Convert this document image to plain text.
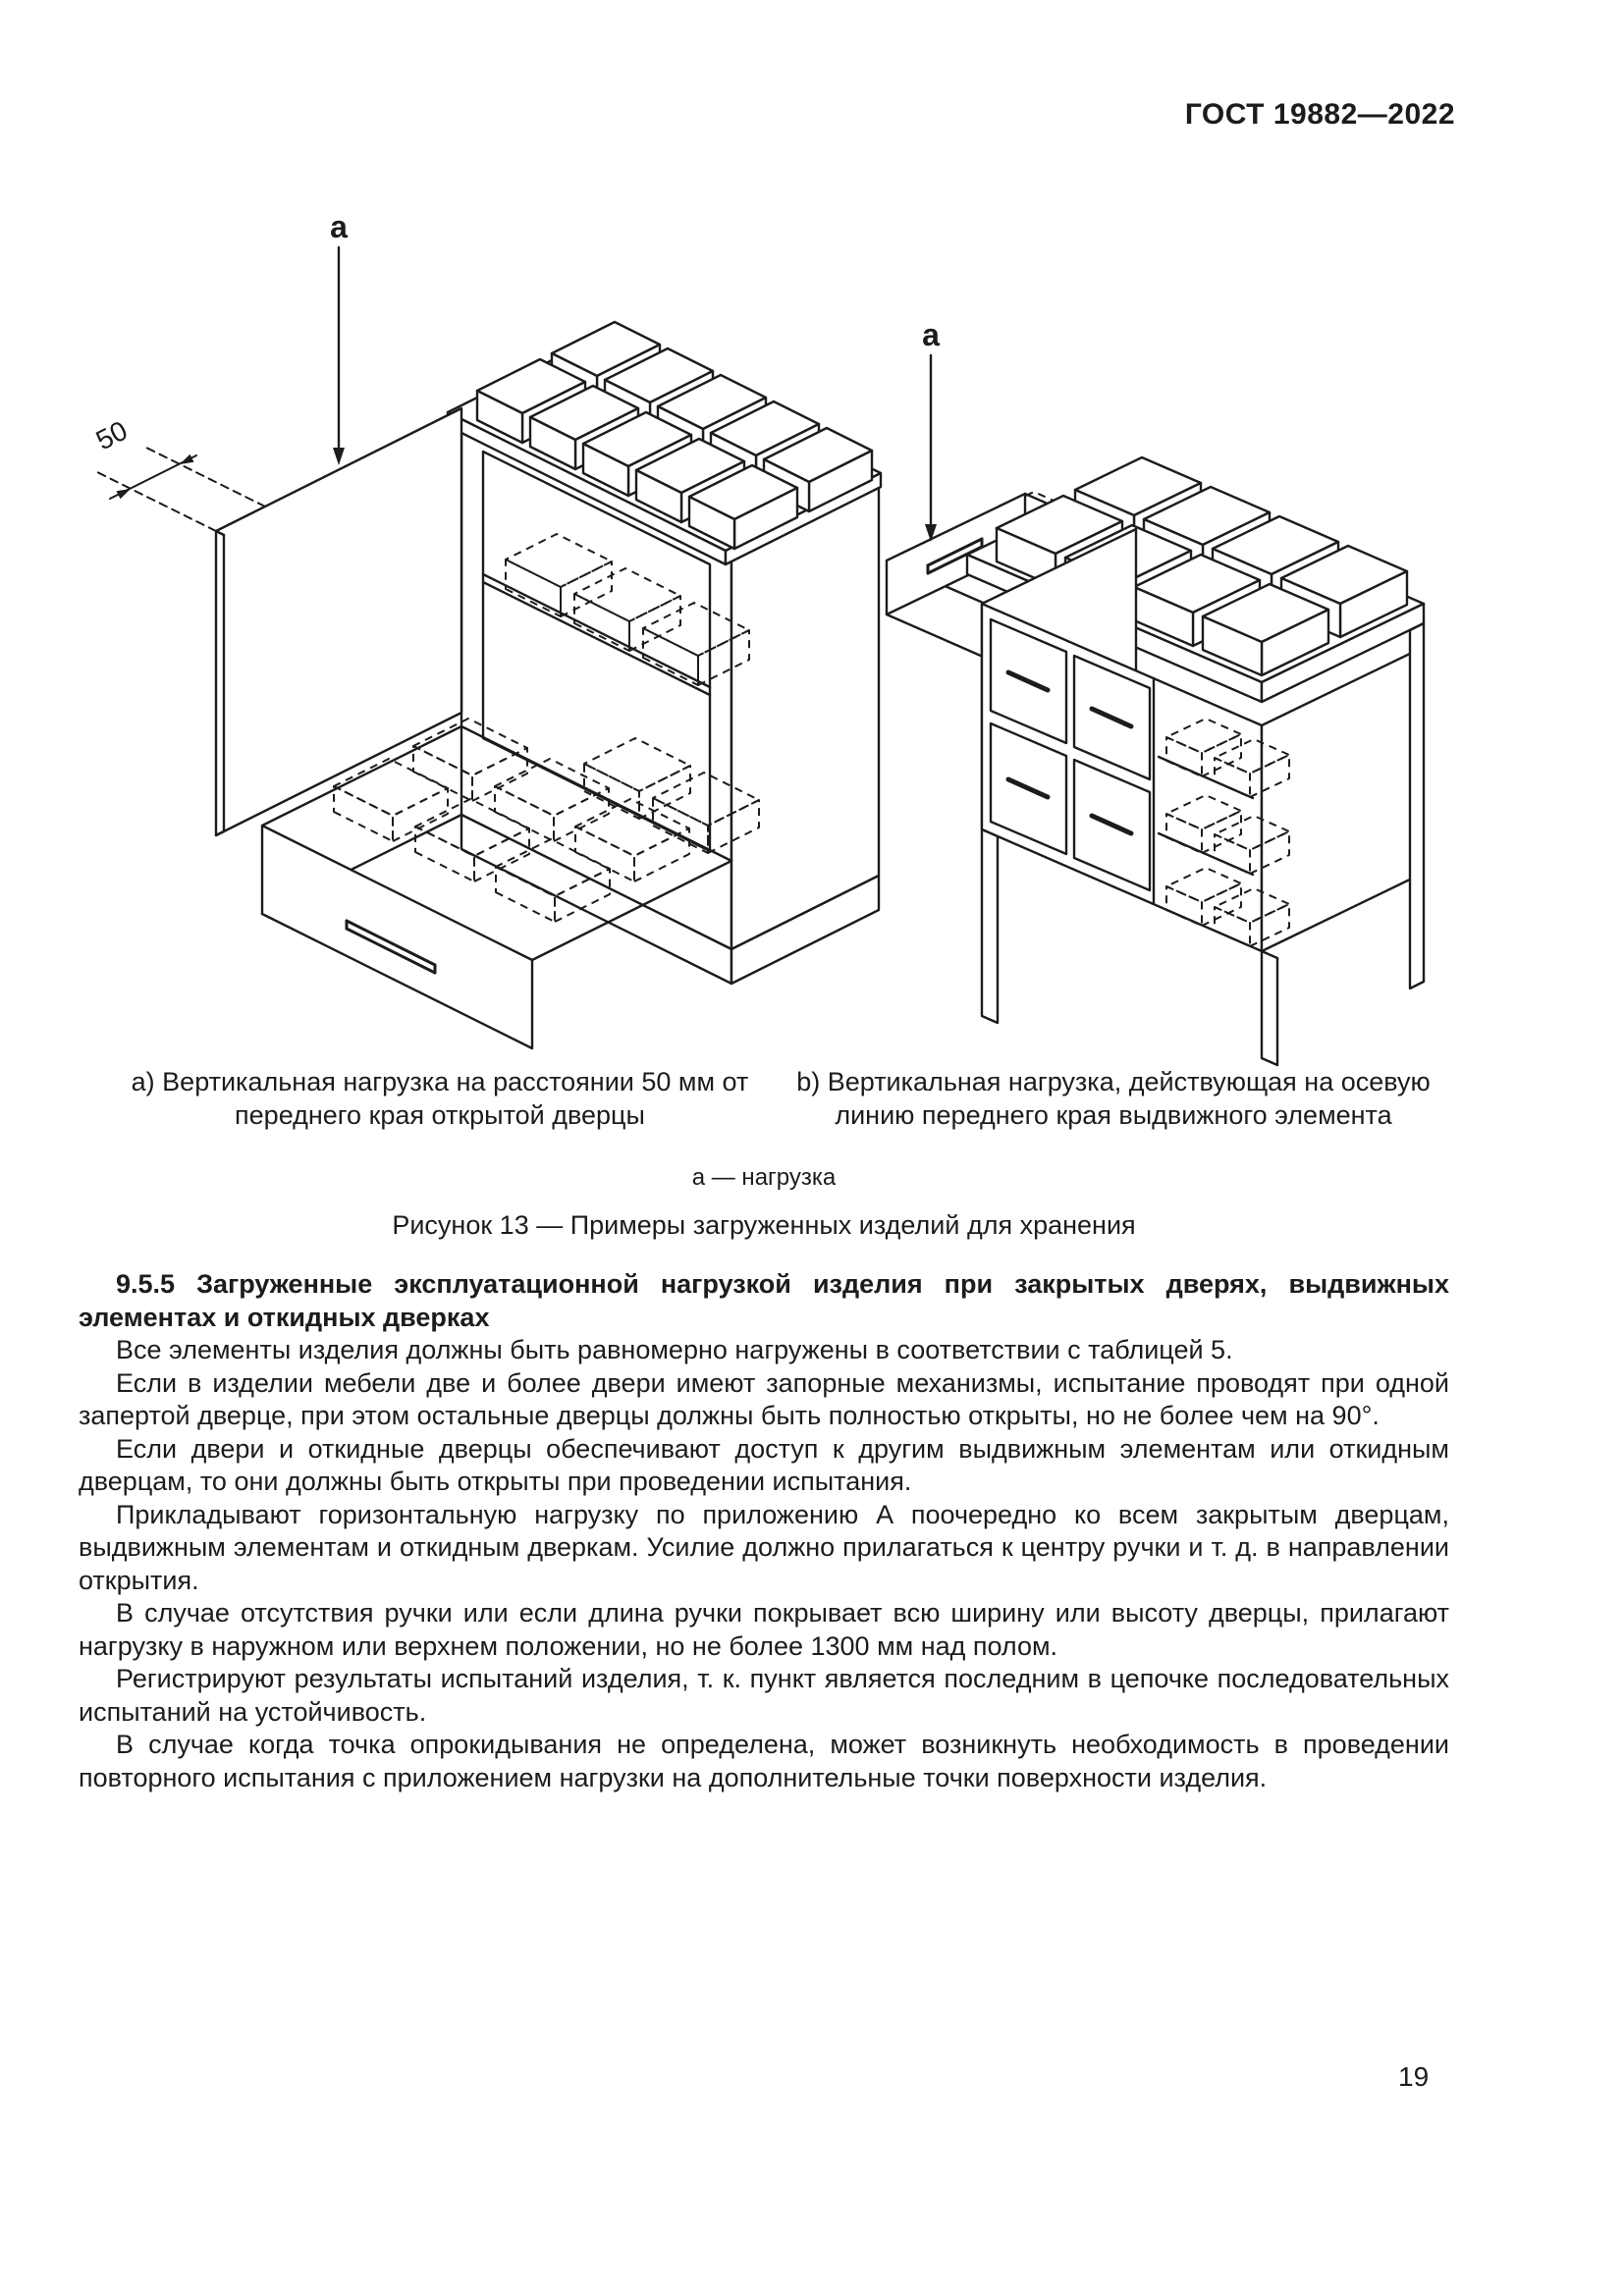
ГОСТ 19882—2022
a
a
50
a) Вертикальная нагрузка на расстоянии 50 мм от переднего края открытой дверцы
b) Вертикальная нагрузка, действующая на осевую линию переднего края выдвижного элемента
а — нагрузка
Рисунок 13 — Примеры загруженных изделий для хранения

9.5.5 Загруженные эксплуатационной нагрузкой изделия при закрытых дверях, выдвижных элементах и откидных дверках

Все элементы изделия должны быть равномерно нагружены в соответствии с таблицей 5.

Если в изделии мебели две и более двери имеют запорные механизмы, испытание проводят при одной запертой дверце, при этом остальные дверцы должны быть полностью открыты, но не более чем на 90°.

Если двери и откидные дверцы обеспечивают доступ к другим выдвижным элементам или откидным дверцам, то они должны быть открыты при проведении испытания.

Прикладывают горизонтальную нагрузку по приложению А поочередно ко всем закрытым дверцам, выдвижным элементам и откидным дверкам. Усилие должно прилагаться к центру ручки и т. д. в направлении открытия.

В случае отсутствия ручки или если длина ручки покрывает всю ширину или высоту дверцы, прилагают нагрузку в наружном или верхнем положении, но не более 1300 мм над полом.

Регистрируют результаты испытаний изделия, т. к. пункт является последним в цепочке последовательных испытаний на устойчивость.

В случае когда точка опрокидывания не определена, может возникнуть необходимость в проведении повторного испытания с приложением нагрузки на дополнительные точки поверхности изделия.

19
